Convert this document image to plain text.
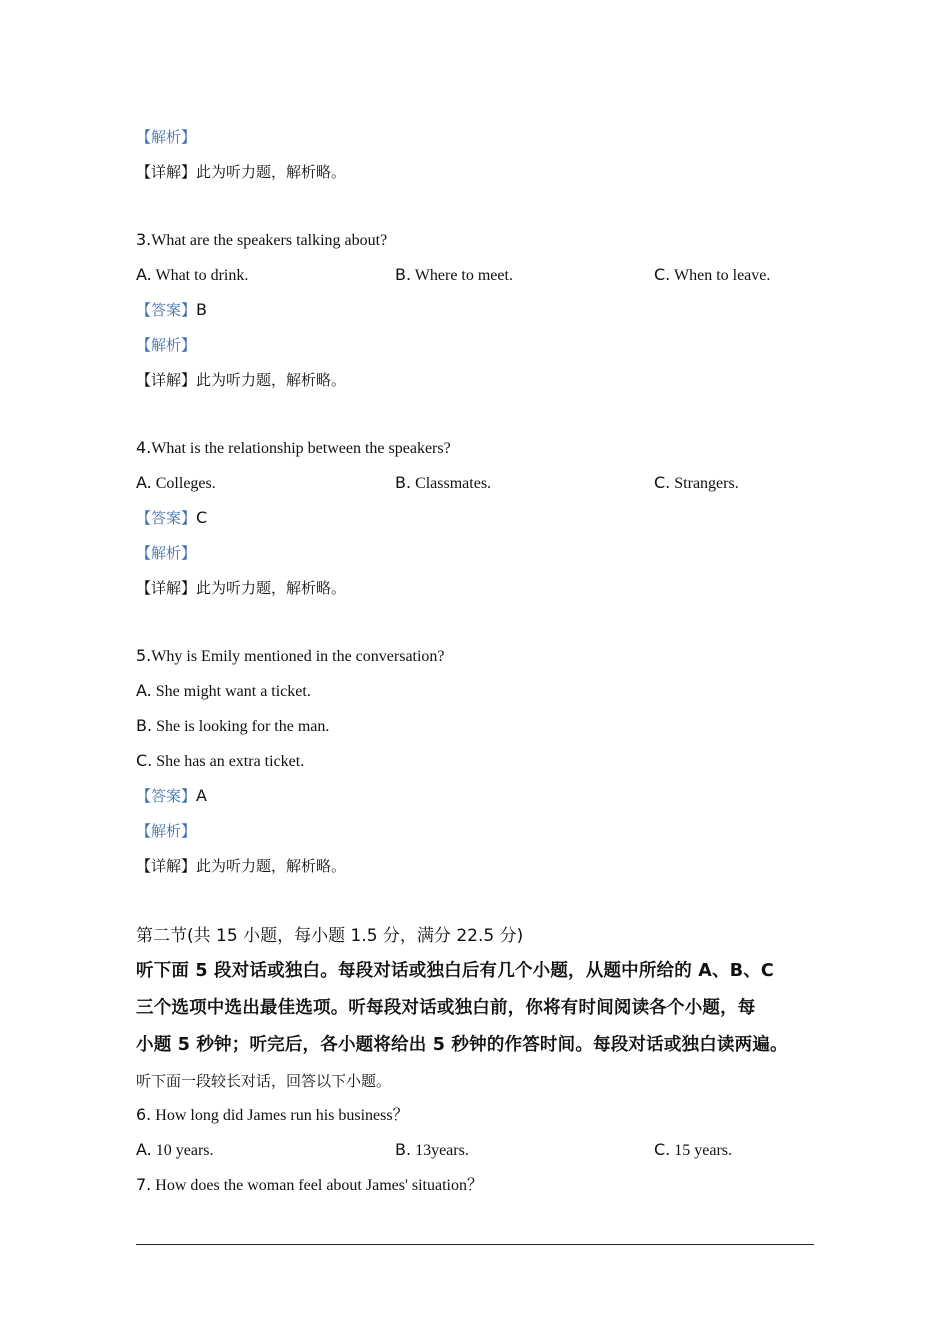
【解析】
【详解】此为听力题，解析略。
3.What are the speakers talking about?
A. What to drink.	B. Where to meet.	C. When to leave.
【答案】B
【解析】
【详解】此为听力题，解析略。
4.What is the relationship between the speakers?
A. Colleges.	B. Classmates.	C. Strangers.
【答案】C
【解析】
【详解】此为听力题，解析略。
5.Why is Emily mentioned in the conversation?
A. She might want a ticket.
B. She is looking for the man.
C. She has an extra ticket.
【答案】A
【解析】
【详解】此为听力题，解析略。
第二节(共 15 小题，每小题 1.5 分，满分 22.5 分)
听下面 5 段对话或独白。每段对话或独白后有几个小题，从题中所给的 A、B、C
三个选项中选出最佳选项。听每段对话或独白前，你将有时间阅读各个小题，每
小题 5 秒钟；听完后，各小题将给出 5 秒钟的作答时间。每段对话或独白读两遍。
听下面一段较长对话，回答以下小题。
6. How long did James run his business？
A. 10 years.	B. 13years.	C. 15 years.
7. How does the woman feel about James' situation？
